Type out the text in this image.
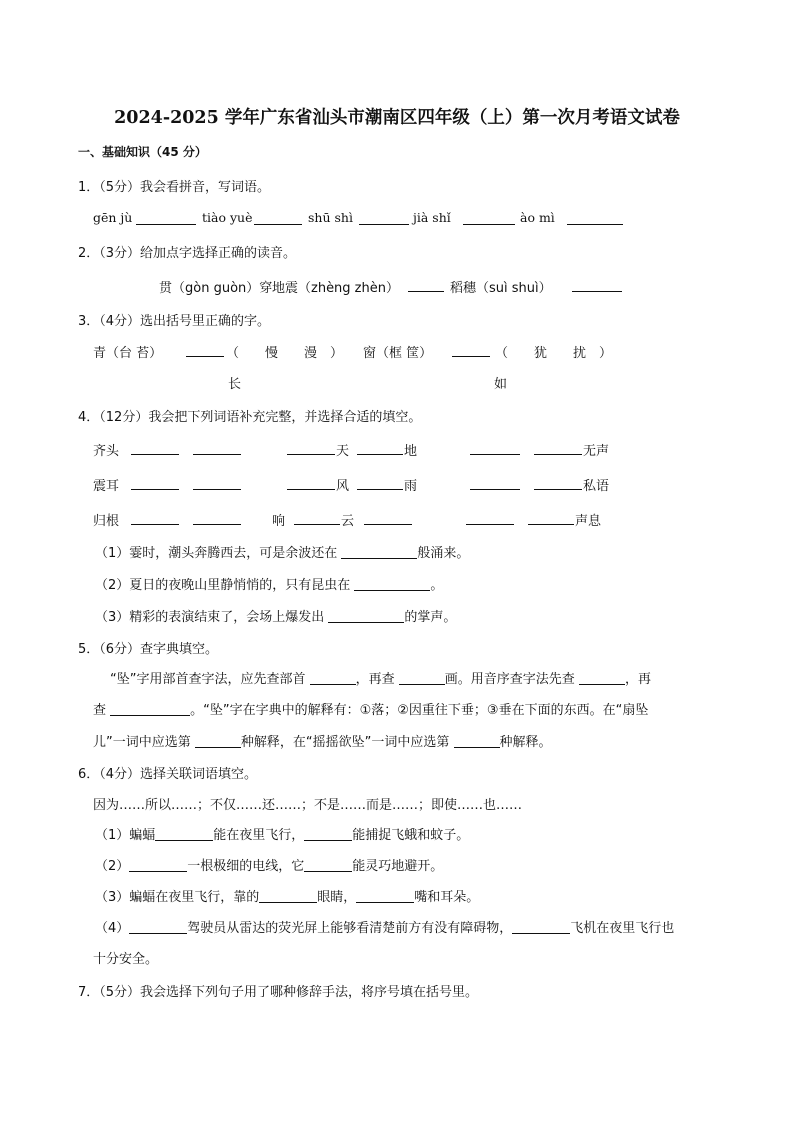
2024-2025 学年广东省汕头市潮南区四年级（上）第一次月考语文试卷
一、基础知识（45 分）
1．（5分）我会看拼音，写词语。
gēn jù	tiào yuè	shū shì	jià shǐ	ào mì
2．（3分）给加点字选择正确的读音。
贯（gòn guòn）穿 地震（zhèng zhèn）	稻穗（suì shuì）
3．（4分）选出括号里正确的字。
青（台 苔）	（　　慢　　漫　）
长
窗（框 筐）	（　　犹　　扰　）
如
4．（12分）我会把下列词语补充完整，并选择合适的填空。
齐头	天	地	无声
震耳	风	雨	私语
归根	响	云	声息
（1）霎时，潮头奔腾西去，可是余波还在	般涌来。
（2）夏日的夜晚山里静悄悄的，只有昆虫在	。
（3）精彩的表演结束了，会场上爆发出	的掌声。
5．（6分）查字典填空。
“坠”字用部首查字法，应先查部首	，再查	画。用音序查字法先查	，再
查	。“坠”字在字典中的解释有：①落；②因重往下垂；③垂在下面的东西。在“扇坠
儿”一词中应选第	种解释，在“摇摇欲坠”一词中应选第	种解释。
6．（4分）选择关联词语填空。
因为……所以……；不仅……还……；不是……而是……；即使……也……
（1）蝙蝠	能在夜里飞行，	能捕捉飞蛾和蚊子。
（2）	一根极细的电线，它	能灵巧地避开。
（3）蝙蝠在夜里飞行，靠的	眼睛，	嘴和耳朵。
（4）	驾驶员从雷达的荧光屏上能够看清楚前方有没有障碍物，	飞机在夜里飞行也
十分安全。
7．（5分）我会选择下列句子用了哪种修辞手法，将序号填在括号里。
